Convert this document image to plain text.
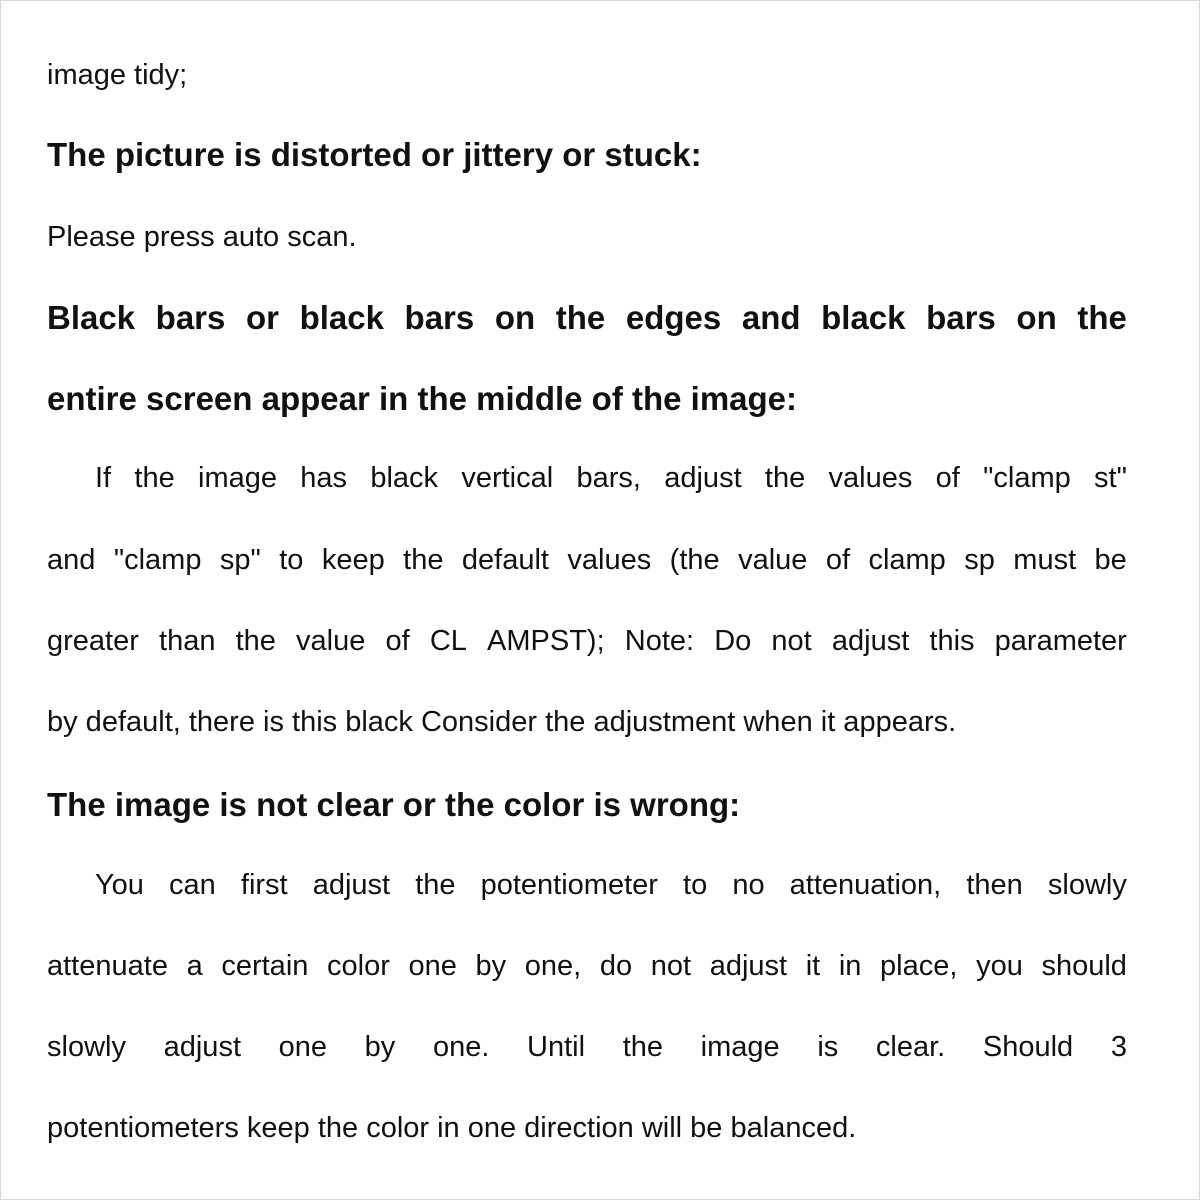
image tidy;
The picture is distorted or jittery or stuck:
Please press auto scan.
Black bars or black bars on the edges and black bars on the
entire screen appear in the middle of the image:
If the image has black vertical bars, adjust the values of "clamp st"
and "clamp sp" to keep the default values (the value of clamp sp must be
greater than the value of CL AMPST); Note: Do not adjust this parameter
by default, there is this black Consider the adjustment when it appears.
The image is not clear or the color is wrong:
You can first adjust the potentiometer to no attenuation, then slowly
attenuate a certain color one by one, do not adjust it in place, you should
slowly adjust one by one. Until the image is clear. Should 3
potentiometers keep the color in one direction will be balanced.
